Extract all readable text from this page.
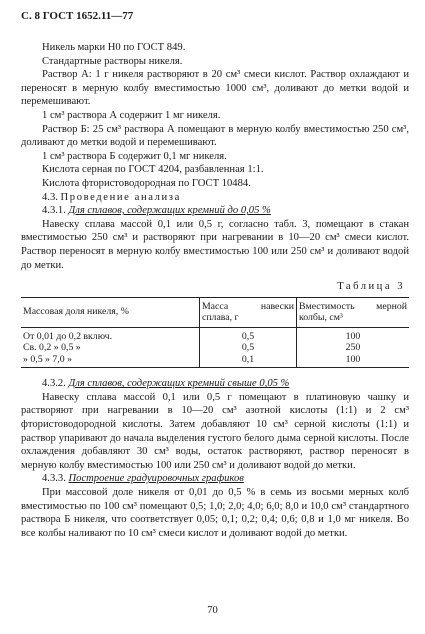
С. 8 ГОСТ 1652.11—77

Никель марки Н0 по ГОСТ 849.

Стандартные растворы никеля.

Раствор А: 1 г никеля растворяют в 20 см³ смеси кислот. Раствор охлаждают и переносят в мерную колбу вместимостью 1000 см³, доливают до метки водой и перемешивают.

1 см³ раствора А содержит 1 мг никеля.

Раствор Б: 25 см³ раствора А помещают в мерную колбу вместимостью 250 см³, доливают до метки водой и перемешивают.

1 см³ раствора Б содержит 0,1 мг никеля.

Кислота серная по ГОСТ 4204, разбавленная 1:1.

Кислота фтористоводородная по ГОСТ 10484.

4.3. Проведение анализа

4.3.1. Для сплавов, содержащих кремний до 0,05 %

Навеску сплава массой 0,1 или 0,5 г, согласно табл. 3, помещают в стакан вместимостью 250 см³ и растворяют при нагревании в 10—20 см³ смеси кислот. Раствор переносят в мерную колбу вместимостью 100 или 250 см³ и доливают водой до метки.

Таблица 3
Массовая доля никеля, %	Масса навески сплава, г	Вместимость мерной колбы, см³
От 0,01 до 0,2 включ.	0,5	100
Св. 0,2 » 0,5 »	0,5	250
» 0,5 » 7,0 »	0,1	100

4.3.2. Для сплавов, содержащих кремний свыше 0,05 %

Навеску сплава массой 0,1 или 0,5 г помещают в платиновую чашку и растворяют при нагревании в 10—20 см³ азотной кислоты (1:1) и 2 см³ фтористоводородной кислоты. Затем добавляют 10 см³ серной кислоты (1:1) и раствор упаривают до начала выделения густого белого дыма серной кислоты. После охлаждения добавляют 30 см³ воды, остаток растворяют, раствор переносят в мерную колбу вместимостью 100 или 250 см³ и доливают водой до метки.

4.3.3. Построение градуировочных графиков

При массовой доле никеля от 0,01 до 0,5 % в семь из восьми мерных колб вместимостью по 100 см³ помещают 0,5; 1,0; 2,0; 4,0; 6,0; 8,0 и 10,0 см³ стандартного раствора Б никеля, что соответствует 0,05; 0,1; 0,2; 0,4; 0,6; 0,8 и 1,0 мг никеля. Во все колбы наливают по 10 см³ смеси кислот и доливают водой до метки.

70
